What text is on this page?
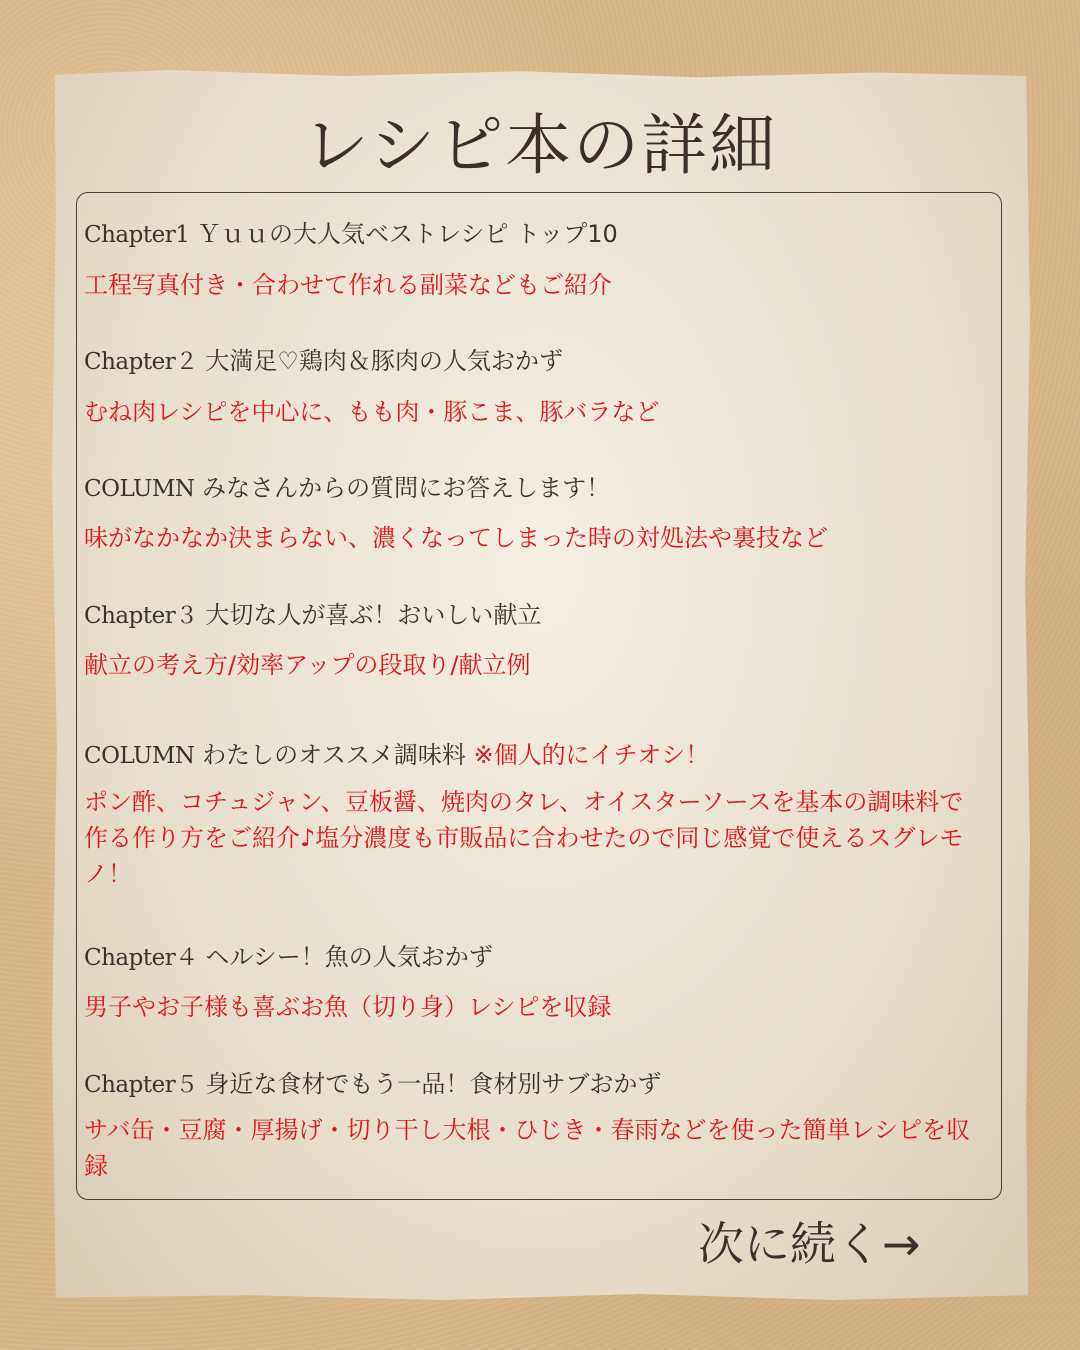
レシピ本の詳細
Chapter1 Ｙｕｕの大人気ベストレシピ トップ10
工程写真付き・合わせて作れる副菜などもご紹介
Chapter２ 大満足♡鶏肉＆豚肉の人気おかず
むね肉レシピを中心に、もも肉・豚こま、豚バラなど
COLUMN みなさんからの質問にお答えします！
味がなかなか決まらない、濃くなってしまった時の対処法や裏技など
Chapter３ 大切な人が喜ぶ！おいしい献立
献立の考え方/効率アップの段取り/献立例
COLUMN わたしのオススメ調味料 ※個人的にイチオシ！
ポン酢、コチュジャン、豆板醤、焼肉のタレ、オイスターソースを基本の調味料で作る作り方をご紹介♪塩分濃度も市販品に合わせたので同じ感覚で使えるスグレモノ！
Chapter４ ヘルシー！魚の人気おかず
男子やお子様も喜ぶお魚（切り身）レシピを収録
Chapter５ 身近な食材でもう一品！食材別サブおかず
サバ缶・豆腐・厚揚げ・切り干し大根・ひじき・春雨などを使った簡単レシピを収録
次に続く→
